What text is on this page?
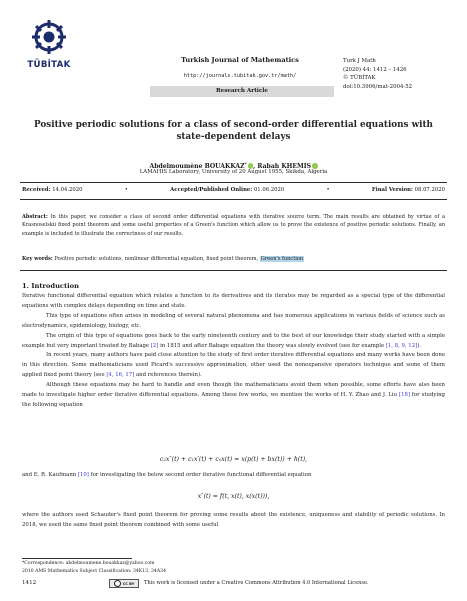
TÜBİTAK	Turkish Journal of Mathematics
http://journals.tubitak.gov.tr/math/
Research Article
Turk J Math
(2020) 44: 1412 – 1426
© TÜBİTAK
doi:10.3906/mat-2004-52
Positive periodic solutions for a class of second-order differential equations with
state-dependent delays
Abdelmoumène BOUAKKAZ* , Rabah KHEMIS
LAMAHIS Laboratory, University of 20 August 1955, Skikda, Algeria
Received: 14.04.2020	•	Accepted/Published Online: 01.06.2020	•	Final Version: 08.07.2020
Abstract: In this paper, we consider a class of second order differential equations with iterative source term. The main results are obtained by virtue of a Krasnoselskii fixed point theorem and some useful properties of a Green's function which allow us to prove the existence of positive periodic solutions. Finally, an example is included to illustrate the correctness of our results.
Key words: Positive periodic solutions, nonlinear differential equation, fixed point theorem, Green's function
1. Introduction

Iterative functional differential equation which relates a function to its derivatives and its iterates may be regarded as a special type of the differential equations with complex delays depending on time and state.

This type of equations often arises in modeling of several natural phenomena and has numerous applications in various fields of science such as electrodynamics, epidemiology, biology, etc.

The origin of this type of equations goes back to the early nineteenth century and to the best of our knowledge their study started with a simple example but very important treated by Babage [2] in 1815 and after Babage equation the theory was slowly evolved (see for example [1, 8, 9, 12]).

In recent years, many authors have paid close attention to the study of first order iterative differential equations and many works have been done in this direction. Some mathematicians used Picard's successive approximation, other used the nonexpansive operators technique and some of them applied fixed point theory (see [4, 16, 17] and references therein).

Although these equations may be hard to handle and even though the mathematicians avoid them when possible, some efforts have also been made to investigate higher order iterative differential equations. Among these few works, we mention the works of H. Y. Zhao and J. Liu [18] for studying the following equation

c₂x″(t) + c₁x′(t) + c₀x(t) = x(p(t) + bx(t)) + h(t),

and E. R. Kaufmann [10] for investigating the below second order iterative functional differential equation

x″(t) = f(t, x(t), x(x(t))),

where the authors used Schauder's fixed point theorem for proving some results about the existence, uniqueness and stability of periodic solutions. In 2018, we used the same fixed point theorem combined with some useful

*Correspondence: abdelmoumene.bouakkaz@yahoo.com
2010 AMS Mathematics Subject Classification: 34K13, 34A34
1412	CC BY This work is licensed under a Creative Commons Attribution 4.0 International License.
